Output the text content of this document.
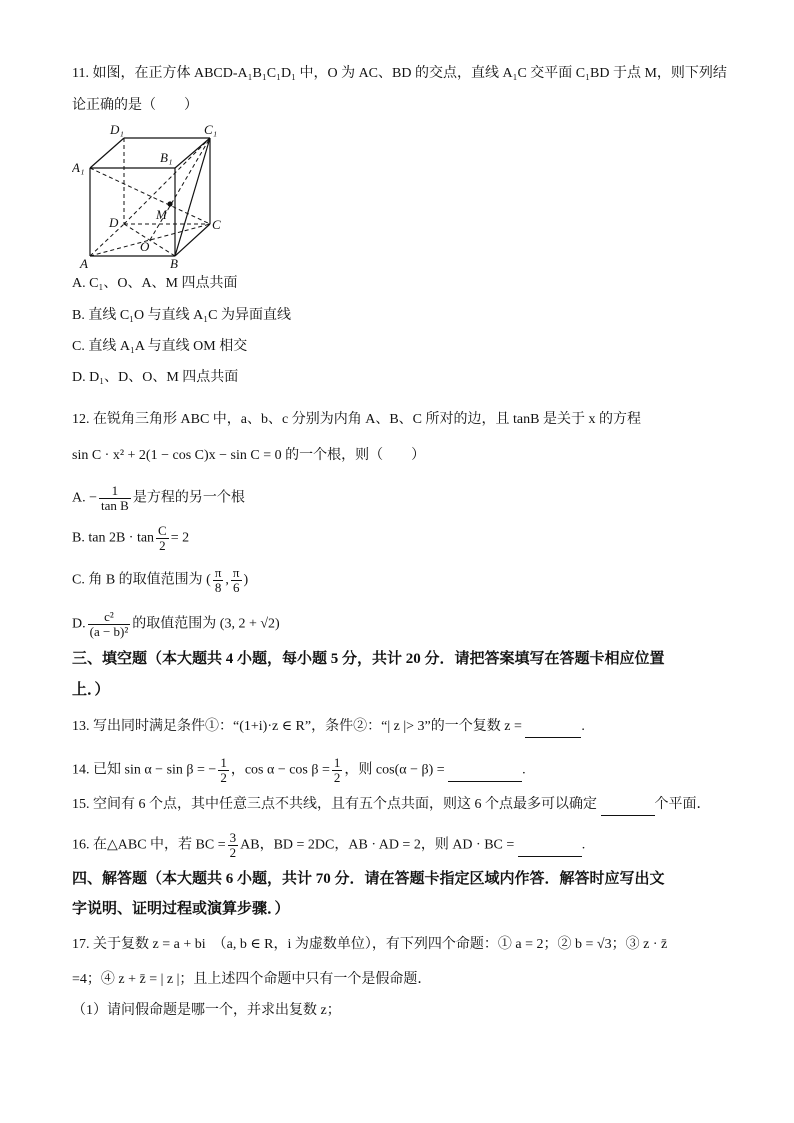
11. 如图，在正方体 ABCD-A₁B₁C₁D₁ 中，O 为 AC、BD 的交点，直线 A₁C 交平面 C₁BD 于点 M，则下列结
论正确的是（　　）
D₁	C₁
A₁
B₁
D
M
C
O
A	B
A. C₁、O、A、M 四点共面
B. 直线 C₁O 与直线 A₁C 为异面直线
C. 直线 A₁A 与直线 OM 相交
D. D₁、D、O、M 四点共面
12. 在锐角三角形 ABC 中，a、b、c 分别为内角 A、B、C 所对的边，且 tanB 是关于 x 的方程
sin C · x² + 2(1 − cos C)x − sin C = 0 的一个根，则（　　）
A. − $\frac{1}{\text{tan B}}$ 是方程的另一个根
B. $\tan 2B \cdot \tan \frac{C}{2} = 2$
C. 角 B 的取值范围为 ( $\frac{\pi}{8}$ , $\frac{\pi}{6}$ )
D. $\frac{\text{c²}}{\text{(a − b)²}}$ 的取值范围为 (3, 2 + √2)
三、填空题（本大题共 4 小题，每小题 5 分，共计 20 分．请把答案填写在答题卡相应位置
上．）
13. 写出同时满足条件①：“(1+i)·z ∈ R”，条件②：“| z |> 3”的一个复数 z =	.
14. 已知 sin α − sin β = − $\frac{1}{2}$ ，$\cos \alpha - \cos \beta = \frac{1}{2}$ ，则 cos(α − β) =	.
15. 空间有 6 个点，其中任意三点不共线，且有五个点共面，则这 6 个点最多可以确定	个平面．
16. 在△ABC 中，若 BC = $\frac{3}{2}$ AB，BD = 2DC，AB · AD = 2，则 AD · BC =	.
四、解答题（本大题共 6 小题，共计 70 分．请在答题卡指定区域内作答．解答时应写出文
字说明、证明过程或演算步骤．）
17. 关于复数 z = a + bi　（a, b ∈ R，i 为虚数单位），有下列四个命题：① a = 2；② b = √3；③ z · z̄
=4；④ z + z̄ = | z |；且上述四个命题中只有一个是假命题．
（1）请问假命题是哪一个，并求出复数 z；
